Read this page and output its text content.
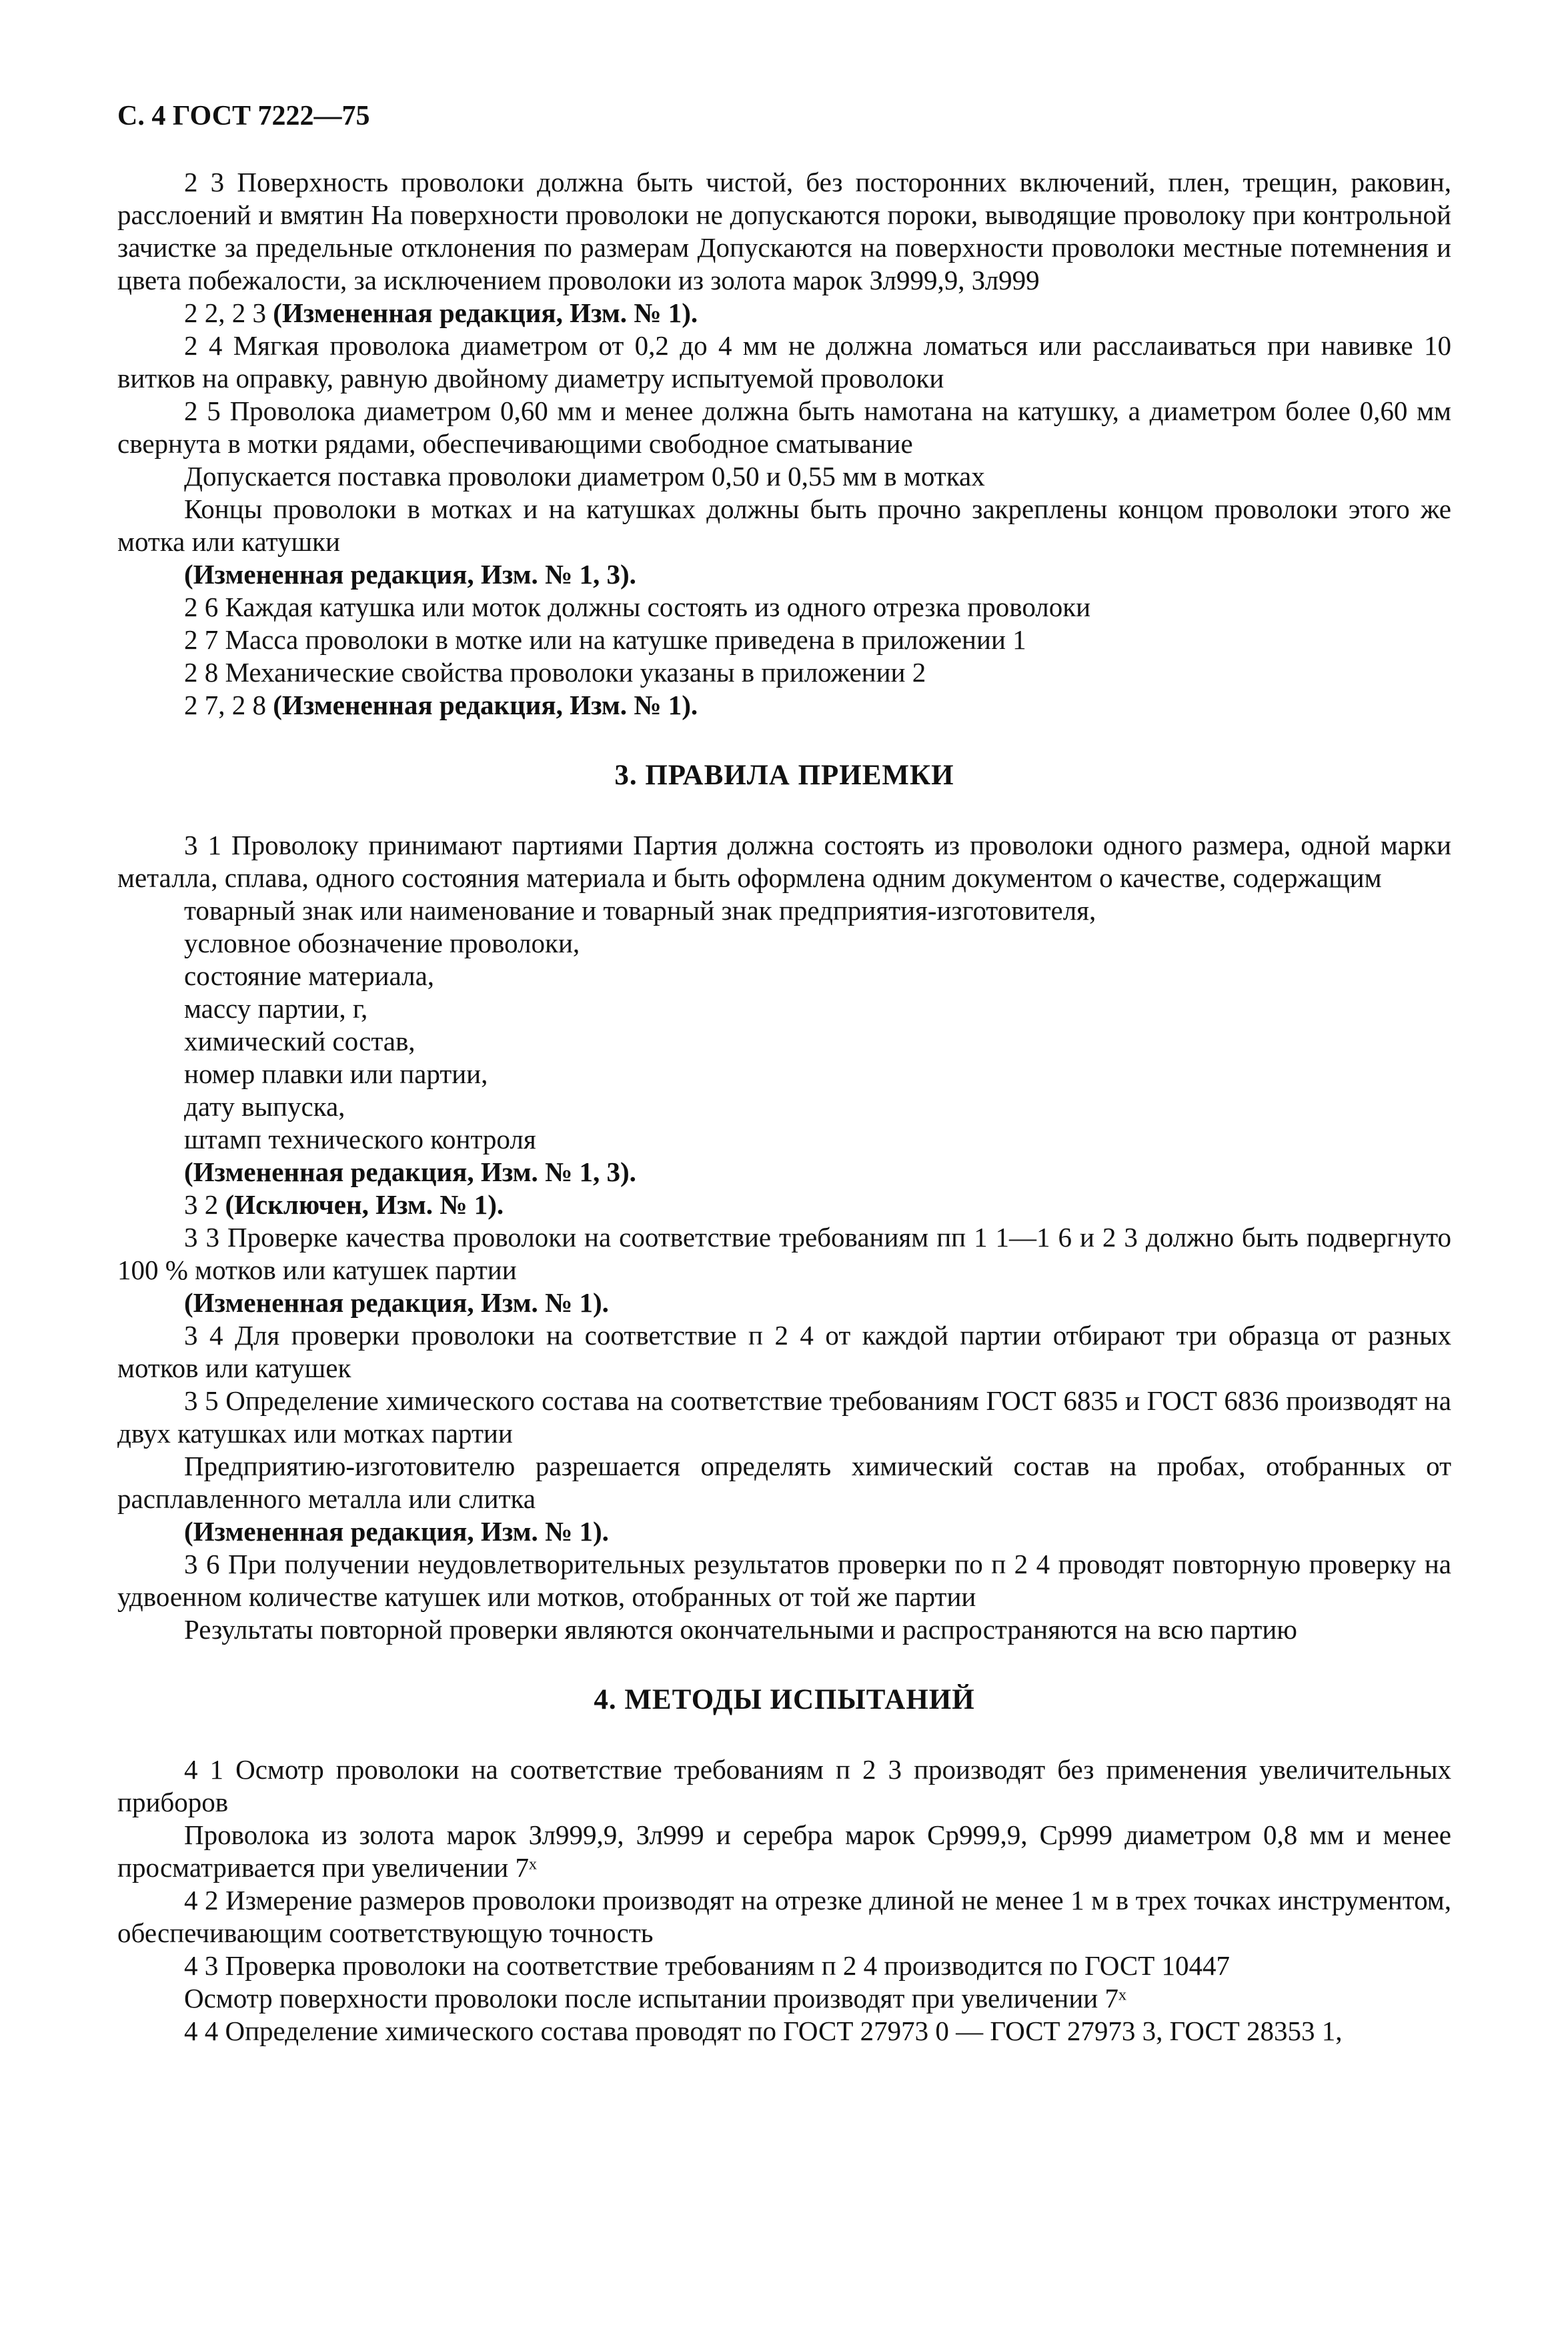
С. 4 ГОСТ 7222—75

2 3 Поверхность проволоки должна быть чистой, без посторонних включений, плен, трещин, раковин, расслоений и вмятин На поверхности проволоки не допускаются пороки, выводящие проволоку при контрольной зачистке за предельные отклонения по размерам Допускаются на поверхности проволоки местные потемнения и цвета побежалости, за исключением проволоки из золота марок Зл999,9, Зл999

2 2, 2 3 (Измененная редакция, Изм. № 1).

2 4 Мягкая проволока диаметром от 0,2 до 4 мм не должна ломаться или расслаиваться при навивке 10 витков на оправку, равную двойному диаметру испытуемой проволоки

2 5 Проволока диаметром 0,60 мм и менее должна быть намотана на катушку, а диаметром более 0,60 мм свернута в мотки рядами, обеспечивающими свободное сматывание

Допускается поставка проволоки диаметром 0,50 и 0,55 мм в мотках

Концы проволоки в мотках и на катушках должны быть прочно закреплены концом проволоки этого же мотка или катушки

(Измененная редакция, Изм. № 1, 3).

2 6 Каждая катушка или моток должны состоять из одного отрезка проволоки

2 7 Масса проволоки в мотке или на катушке приведена в приложении 1

2 8 Механические свойства проволоки указаны в приложении 2

2 7, 2 8 (Измененная редакция, Изм. № 1).

3. ПРАВИЛА ПРИЕМКИ

3 1 Проволоку принимают партиями Партия должна состоять из проволоки одного размера, одной марки металла, сплава, одного состояния материала и быть оформлена одним документом о качестве, содержащим

товарный знак или наименование и товарный знак предприятия-изготовителя,
условное обозначение проволоки,
состояние материала,
массу партии, г,
химический состав,
номер плавки или партии,
дату выпуска,
штамп технического контроля

(Измененная редакция, Изм. № 1, 3).

3 2 (Исключен, Изм. № 1).

3 3 Проверке качества проволоки на соответствие требованиям пп 1 1—1 6 и 2 3 должно быть подвергнуто 100 % мотков или катушек партии

(Измененная редакция, Изм. № 1).

3 4 Для проверки проволоки на соответствие п 2 4 от каждой партии отбирают три образца от разных мотков или катушек

3 5 Определение химического состава на соответствие требованиям ГОСТ 6835 и ГОСТ 6836 производят на двух катушках или мотках партии

Предприятию-изготовителю разрешается определять химический состав на пробах, отобранных от расплавленного металла или слитка

(Измененная редакция, Изм. № 1).

3 6 При получении неудовлетворительных результатов проверки по п 2 4 проводят повторную проверку на удвоенном количестве катушек или мотков, отобранных от той же партии

Результаты повторной проверки являются окончательными и распространяются на всю партию

4. МЕТОДЫ ИСПЫТАНИЙ

4 1 Осмотр проволоки на соответствие требованиям п 2 3 производят без применения увеличительных приборов

Проволока из золота марок Зл999,9, Зл999 и серебра марок Ср999,9, Ср999 диаметром 0,8 мм и менее просматривается при увеличении 7ˣ

4 2 Измерение размеров проволоки производят на отрезке длиной не менее 1 м в трех точках инструментом, обеспечивающим соответствующую точность

4 3 Проверка проволоки на соответствие требованиям п 2 4 производится по ГОСТ 10447

Осмотр поверхности проволоки после испытании производят при увеличении 7ˣ

4 4 Определение химического состава проводят по ГОСТ 27973 0 — ГОСТ 27973 3, ГОСТ 28353 1,
